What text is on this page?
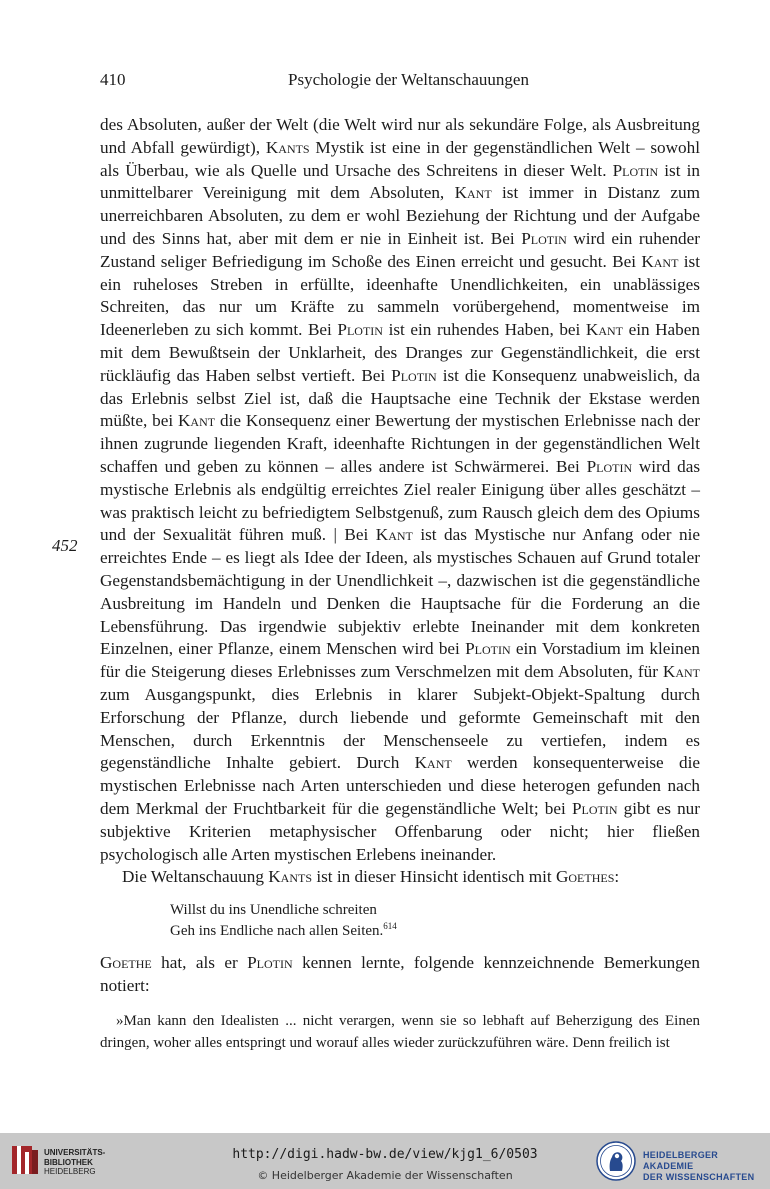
410	Psychologie der Weltanschauungen
452

des Absoluten, außer der Welt (die Welt wird nur als sekundäre Folge, als Ausbreitung und Abfall gewürdigt), Kants Mystik ist eine in der gegenständlichen Welt – sowohl als Überbau, wie als Quelle und Ursache des Schreitens in dieser Welt. Plotin ist in unmittelbarer Vereinigung mit dem Absoluten, Kant ist immer in Distanz zum unerreichbaren Absoluten, zu dem er wohl Beziehung der Richtung und der Aufgabe und des Sinns hat, aber mit dem er nie in Einheit ist. Bei Plotin wird ein ruhender Zustand seliger Befriedigung im Schoße des Einen erreicht und gesucht. Bei Kant ist ein ruheloses Streben in erfüllte, ideenhafte Unendlichkeiten, ein unablässiges Schreiten, das nur um Kräfte zu sammeln vorübergehend, momentweise im Ideenerleben zu sich kommt. Bei Plotin ist ein ruhendes Haben, bei Kant ein Haben mit dem Bewußtsein der Unklarheit, des Dranges zur Gegenständlichkeit, die erst rückläufig das Haben selbst vertieft. Bei Plotin ist die Konsequenz unabweislich, da das Erlebnis selbst Ziel ist, daß die Hauptsache eine Technik der Ekstase werden müßte, bei Kant die Konsequenz einer Bewertung der mystischen Erlebnisse nach der ihnen zugrunde liegenden Kraft, ideenhafte Richtungen in der gegenständlichen Welt schaffen und geben zu können – alles andere ist Schwärmerei. Bei Plotin wird das mystische Erlebnis als endgültig erreichtes Ziel realer Einigung über alles geschätzt – was praktisch leicht zu befriedigtem Selbstgenuß, zum Rausch gleich dem des Opiums und der Sexualität führen muß. | Bei Kant ist das Mystische nur Anfang oder nie erreichtes Ende – es liegt als Idee der Ideen, als mystisches Schauen auf Grund totaler Gegenstandsbemächtigung in der Unendlichkeit –, dazwischen ist die gegenständliche Ausbreitung im Handeln und Denken die Hauptsache für die Forderung an die Lebensführung. Das irgendwie subjektiv erlebte Ineinander mit dem konkreten Einzelnen, einer Pflanze, einem Menschen wird bei Plotin ein Vorstadium im kleinen für die Steigerung dieses Erlebnisses zum Verschmelzen mit dem Absoluten, für Kant zum Ausgangspunkt, dies Erlebnis in klarer Subjekt-Objekt-Spaltung durch Erforschung der Pflanze, durch liebende und geformte Gemeinschaft mit den Menschen, durch Erkenntnis der Menschenseele zu vertiefen, indem es gegenständliche Inhalte gebiert. Durch Kant werden konsequenterweise die mystischen Erlebnisse nach Arten unterschieden und diese heterogen gefunden nach dem Merkmal der Fruchtbarkeit für die gegenständliche Welt; bei Plotin gibt es nur subjektive Kriterien metaphysischer Offenbarung oder nicht; hier fließen psychologisch alle Arten mystischen Erlebens ineinander.

Die Weltanschauung Kants ist in dieser Hinsicht identisch mit Goethes:

Willst du ins Unendliche schreiten
Geh ins Endliche nach allen Seiten.$^{614}$

Goethe hat, als er Plotin kennen lernte, folgende kennzeichnende Bemerkungen notiert:

»Man kann den Idealisten ... nicht verargen, wenn sie so lebhaft auf Beherzigung des Einen dringen, woher alles entspringt und worauf alles wieder zurückzuführen wäre. Denn freilich ist

UNIVERSITÄTS-
BIBLIOTHEK
HEIDELBERG
http://digi.hadw-bw.de/view/kjg1_6/0503
© Heidelberger Akademie der Wissenschaften
HEIDELBERGER AKADEMIE
DER WISSENSCHAFTEN
